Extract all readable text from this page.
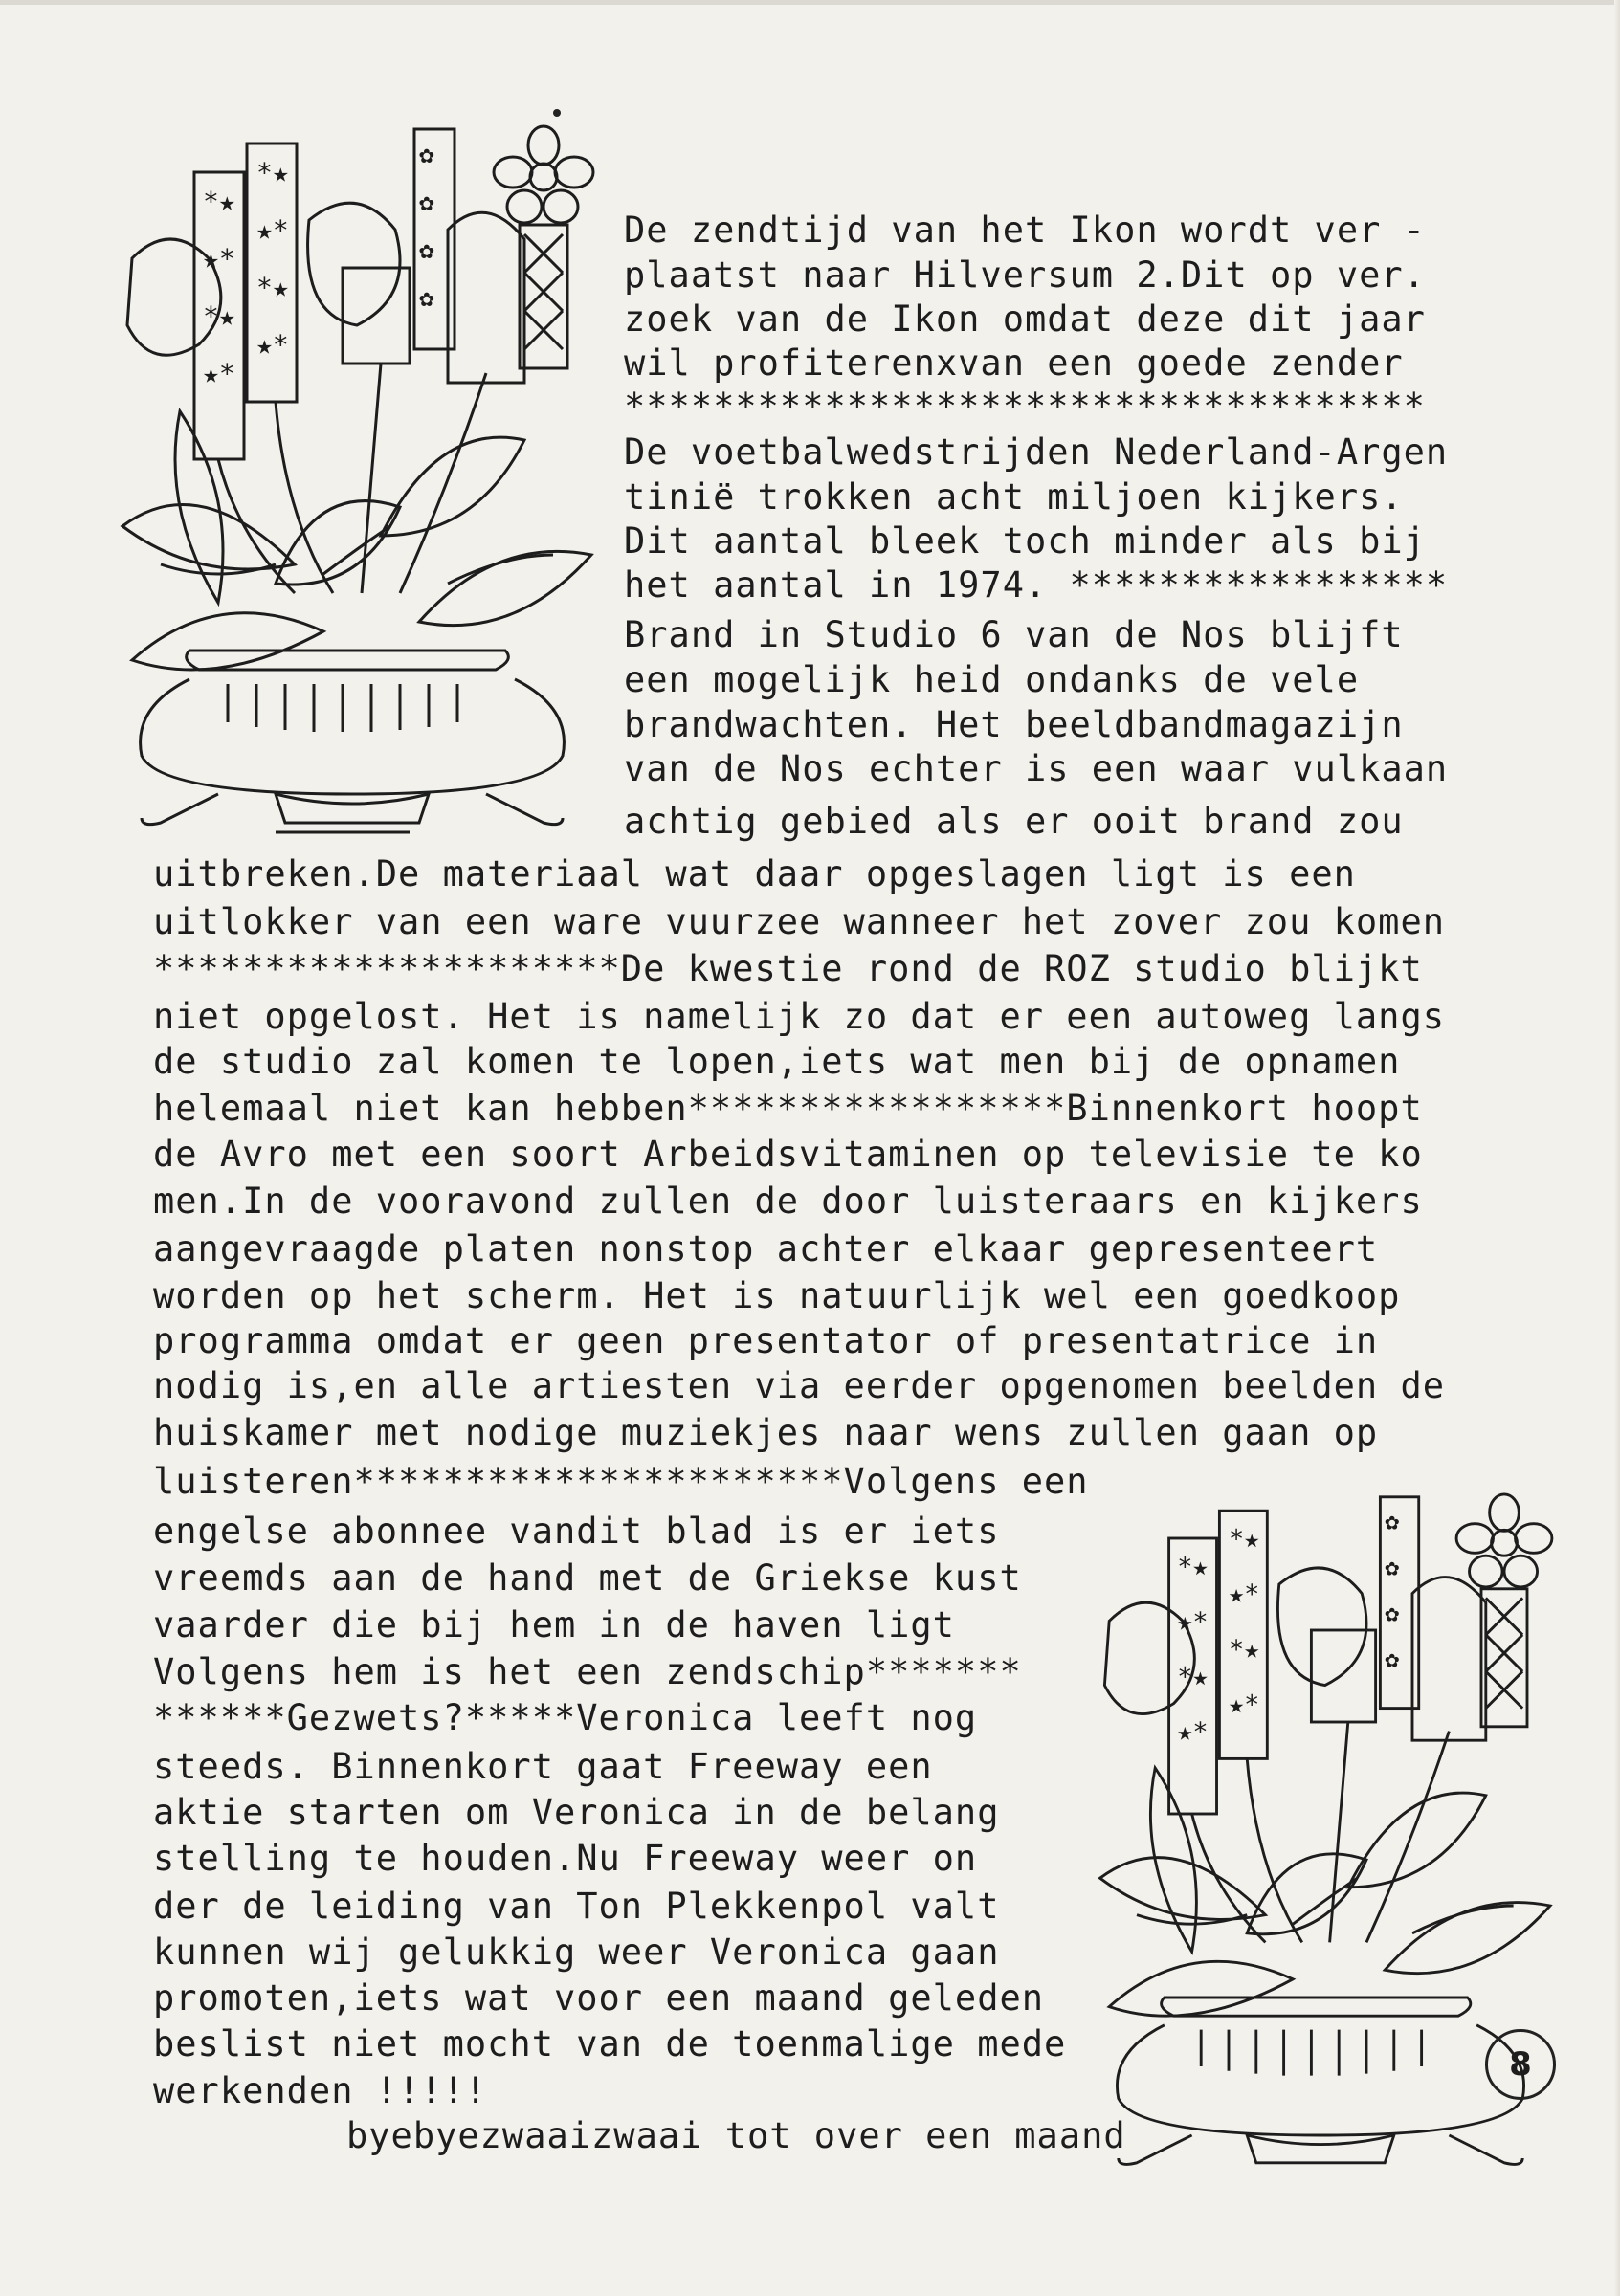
*★
★*
*★
★*
*★
★*
*★
★*
✿
✿
✿
✿
*★
★*
*★
★*
*★
★*
*★
★*
✿
✿
✿
✿
De zendtijd van het Ikon wordt ver -
plaatst naar Hilversum 2.Dit op ver.
zoek van de Ikon omdat deze dit jaar
wil profiterenxvan een goede zender
************************************
De voetbalwedstrijden Nederland-Argen
tiniё trokken acht miljoen kijkers.
Dit aantal bleek toch minder als bij
het aantal in 1974. *****************
Brand in Studio 6 van de Nos blijft
een mogelijk heid ondanks de vele
brandwachten. Het beeldbandmagazijn
van de Nos echter is een waar vulkaan
achtig gebied als er ooit brand zou
uitbreken.De materiaal wat daar opgeslagen ligt is een
uitlokker van een ware vuurzee wanneer het zover zou komen
*********************De kwestie rond de ROZ studio blijkt
niet opgelost. Het is namelijk zo dat er een autoweg langs
de studio zal komen te lopen,iets wat men bij de opnamen
helemaal niet kan hebben*****************Binnenkort hoopt
de Avro met een soort Arbeidsvitaminen op televisie te ko
men.In de vooravond zullen de door luisteraars en kijkers
aangevraagde platen nonstop achter elkaar gepresenteert
worden op het scherm. Het is natuurlijk wel een goedkoop
programma omdat er geen presentator of presentatrice in
nodig is,en alle artiesten via eerder opgenomen beelden de
huiskamer met nodige muziekjes naar wens zullen gaan op
luisteren**********************Volgens een
engelse abonnee vandit blad is er iets
vreemds aan de hand met de Griekse kust
vaarder die bij hem in de haven ligt
Volgens hem is het een zendschip*******
******Gezwets?*****Veronica leeft nog
steeds. Binnenkort gaat Freeway een
aktie starten om Veronica in de belang
stelling te houden.Nu Freeway weer on
der de leiding van Ton Plekkenpol valt
kunnen wij gelukkig weer Veronica gaan
promoten,iets wat voor een maand geleden
beslist niet mocht van de toenmalige mede
werkenden !!!!!
byebyezwaaizwaai tot over een maand
8
